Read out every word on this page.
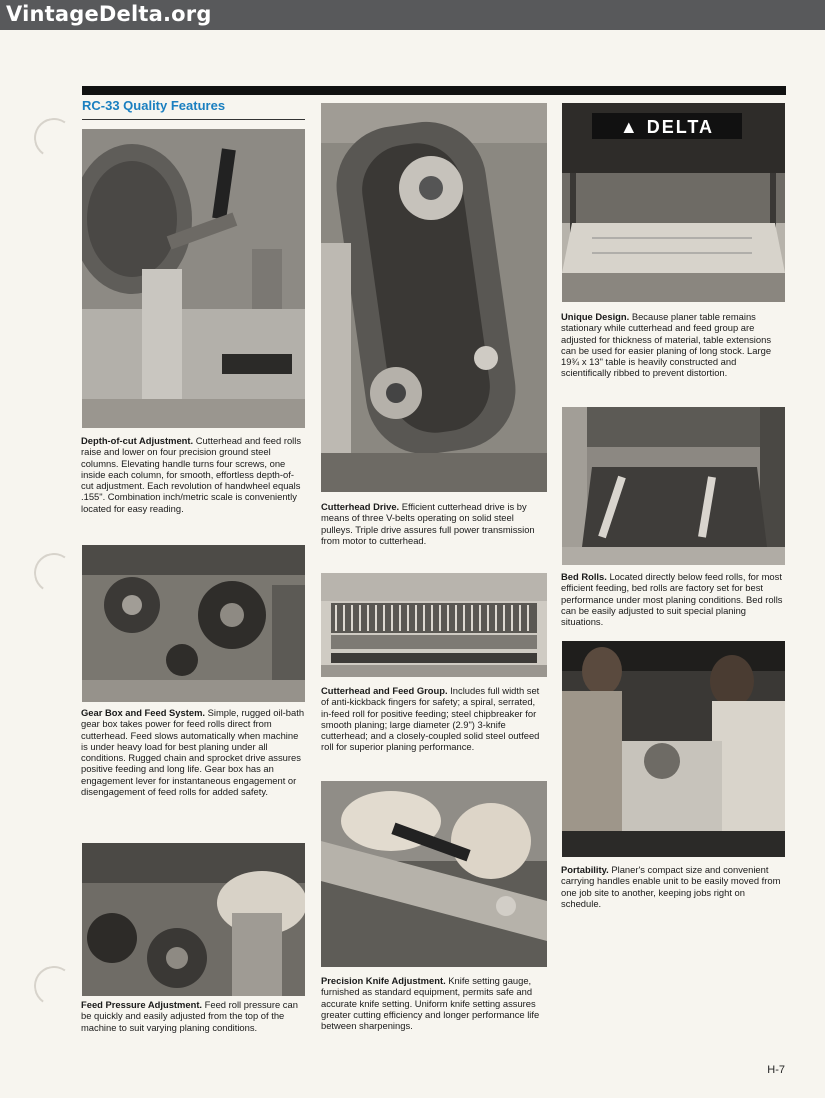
VintageDelta.org
RC-33 Quality Features
▲ DELTA
Depth-of-cut Adjustment. Cutterhead and feed rolls raise and lower on four precision ground steel columns. Elevating handle turns four screws, one inside each column, for smooth, effortless depth-of-cut adjustment. Each revolution of handwheel equals .155". Combination inch/metric scale is conveniently located for easy reading.
Gear Box and Feed System. Simple, rugged oil-bath gear box takes power for feed rolls direct from cutterhead. Feed slows automatically when machine is under heavy load for best planing under all conditions. Rugged chain and sprocket drive assures positive feeding and long life. Gear box has an engagement lever for instantaneous engagement or disengagement of feed rolls for added safety.
Feed Pressure Adjustment. Feed roll pressure can be quickly and easily adjusted from the top of the machine to suit varying planing conditions.
Cutterhead Drive. Efficient cutterhead drive is by means of three V-belts operating on solid steel pulleys. Triple drive assures full power transmission from motor to cutterhead.
Cutterhead and Feed Group. Includes full width set of anti-kickback fingers for safety; a spiral, serrated, in-feed roll for positive feeding; steel chipbreaker for smooth planing; large diameter (2.9") 3-knife cutterhead; and a closely-coupled solid steel outfeed roll for superior planing performance.
Precision Knife Adjustment. Knife setting gauge, furnished as standard equipment, permits safe and accurate knife setting. Uniform knife setting assures greater cutting efficiency and longer performance life between sharpenings.
Unique Design. Because planer table remains stationary while cutterhead and feed group are adjusted for thickness of material, table extensions can be used for easier planing of long stock. Large 19¾ x 13" table is heavily constructed and scientifically ribbed to prevent distortion.
Bed Rolls. Located directly below feed rolls, for most efficient feeding, bed rolls are factory set for best performance under most planing conditions. Bed rolls can be easily adjusted to suit special planing situations.
Portability. Planer's compact size and convenient carrying handles enable unit to be easily moved from one job site to another, keeping jobs right on schedule.
H-7
